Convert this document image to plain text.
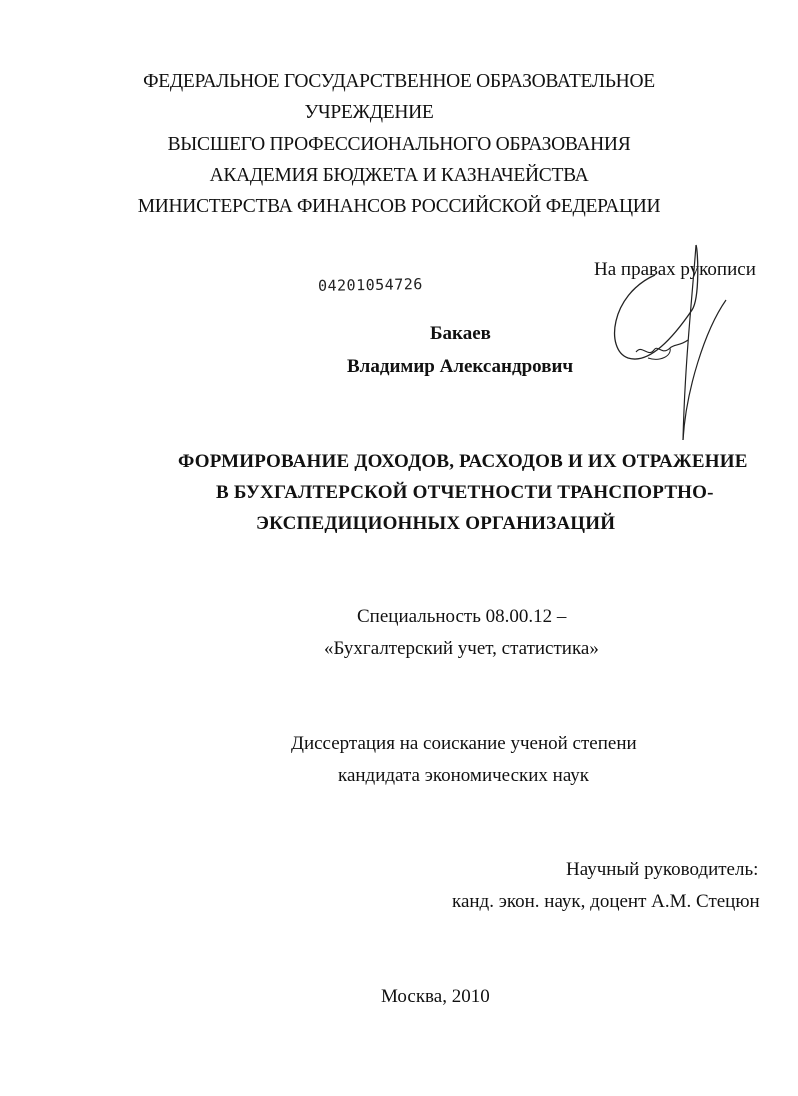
ФЕДЕРАЛЬНОЕ ГОСУДАРСТВЕННОЕ ОБРАЗОВАТЕЛЬНОЕ
УЧРЕЖДЕНИЕ
ВЫСШЕГО ПРОФЕССИОНАЛЬНОГО ОБРАЗОВАНИЯ
АКАДЕМИЯ БЮДЖЕТА И КАЗНАЧЕЙСТВА
МИНИСТЕРСТВА ФИНАНСОВ РОССИЙСКОЙ ФЕДЕРАЦИИ
04201054726
На правах рукописи
Бакаев
Владимир Александрович
ФОРМИРОВАНИЕ ДОХОДОВ, РАСХОДОВ И ИХ ОТРАЖЕНИЕ
В БУХГАЛТЕРСКОЙ ОТЧЕТНОСТИ ТРАНСПОРТНО-
ЭКСПЕДИЦИОННЫХ ОРГАНИЗАЦИЙ
Специальность 08.00.12 –
«Бухгалтерский учет, статистика»
Диссертация на соискание ученой степени
кандидата экономических наук
Научный руководитель:
канд. экон. наук, доцент А.М. Стецюн
Москва, 2010
